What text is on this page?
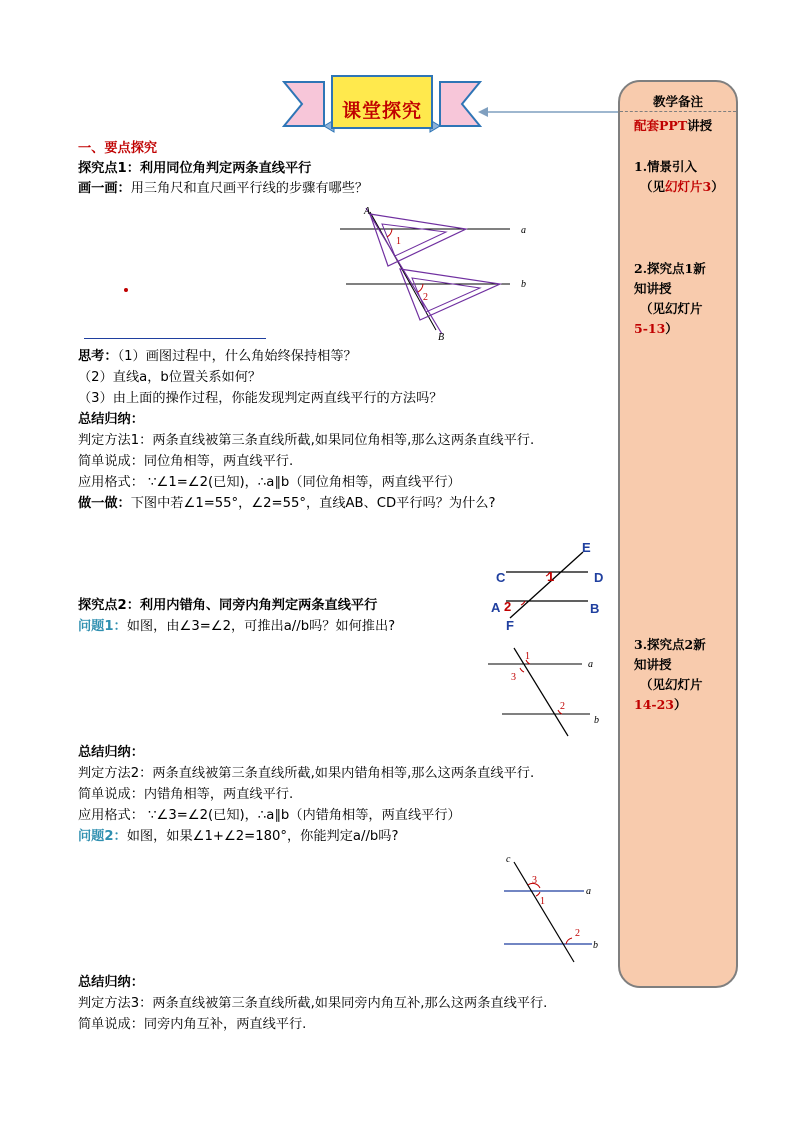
课堂探究	教学备注
配套PPT讲授
1.情景引入
（见幻灯片3）
2.探究点1新
知讲授
（见幻灯片
5-13）
3.探究点2新
知讲授
（见幻灯片
14-23）
一、要点探究
探究点1：利用同位角判定两条直线平行
画一画：用三角尺和直尺画平行线的步骤有哪些？
A
B
a
b
1
2
思考：（1）画图过程中，什么角始终保持相等？
（2）直线a，b位置关系如何？
（3）由上面的操作过程，你能发现判定两直线平行的方法吗？
总结归纳：
判定方法1：两条直线被第三条直线所截,如果同位角相等,那么这两条直线平行.
简单说成：同位角相等，两直线平行.
应用格式： ∵∠1=∠2(已知)，∴a∥b（同位角相等，两直线平行）
做一做：下图中若∠1=55°，∠2=55°，直线AB、CD平行吗？为什么?
C	D
E
A	B
F
1
2
探究点2：利用内错角、同旁内角判定两条直线平行
问题1：如图，由∠3=∠2，可推出a//b吗？如何推出?
a
b
1
3
2
总结归纳：
判定方法2：两条直线被第三条直线所截,如果内错角相等,那么这两条直线平行.
简单说成：内错角相等，两直线平行.
应用格式： ∵∠3=∠2(已知)，∴a∥b（内错角相等，两直线平行）
问题2：如图，如果∠1+∠2=180°，你能判定a//b吗?
c
a
b
3
1
2
总结归纳：
判定方法3：两条直线被第三条直线所截,如果同旁内角互补,那么这两条直线平行.
简单说成：同旁内角互补，两直线平行.
